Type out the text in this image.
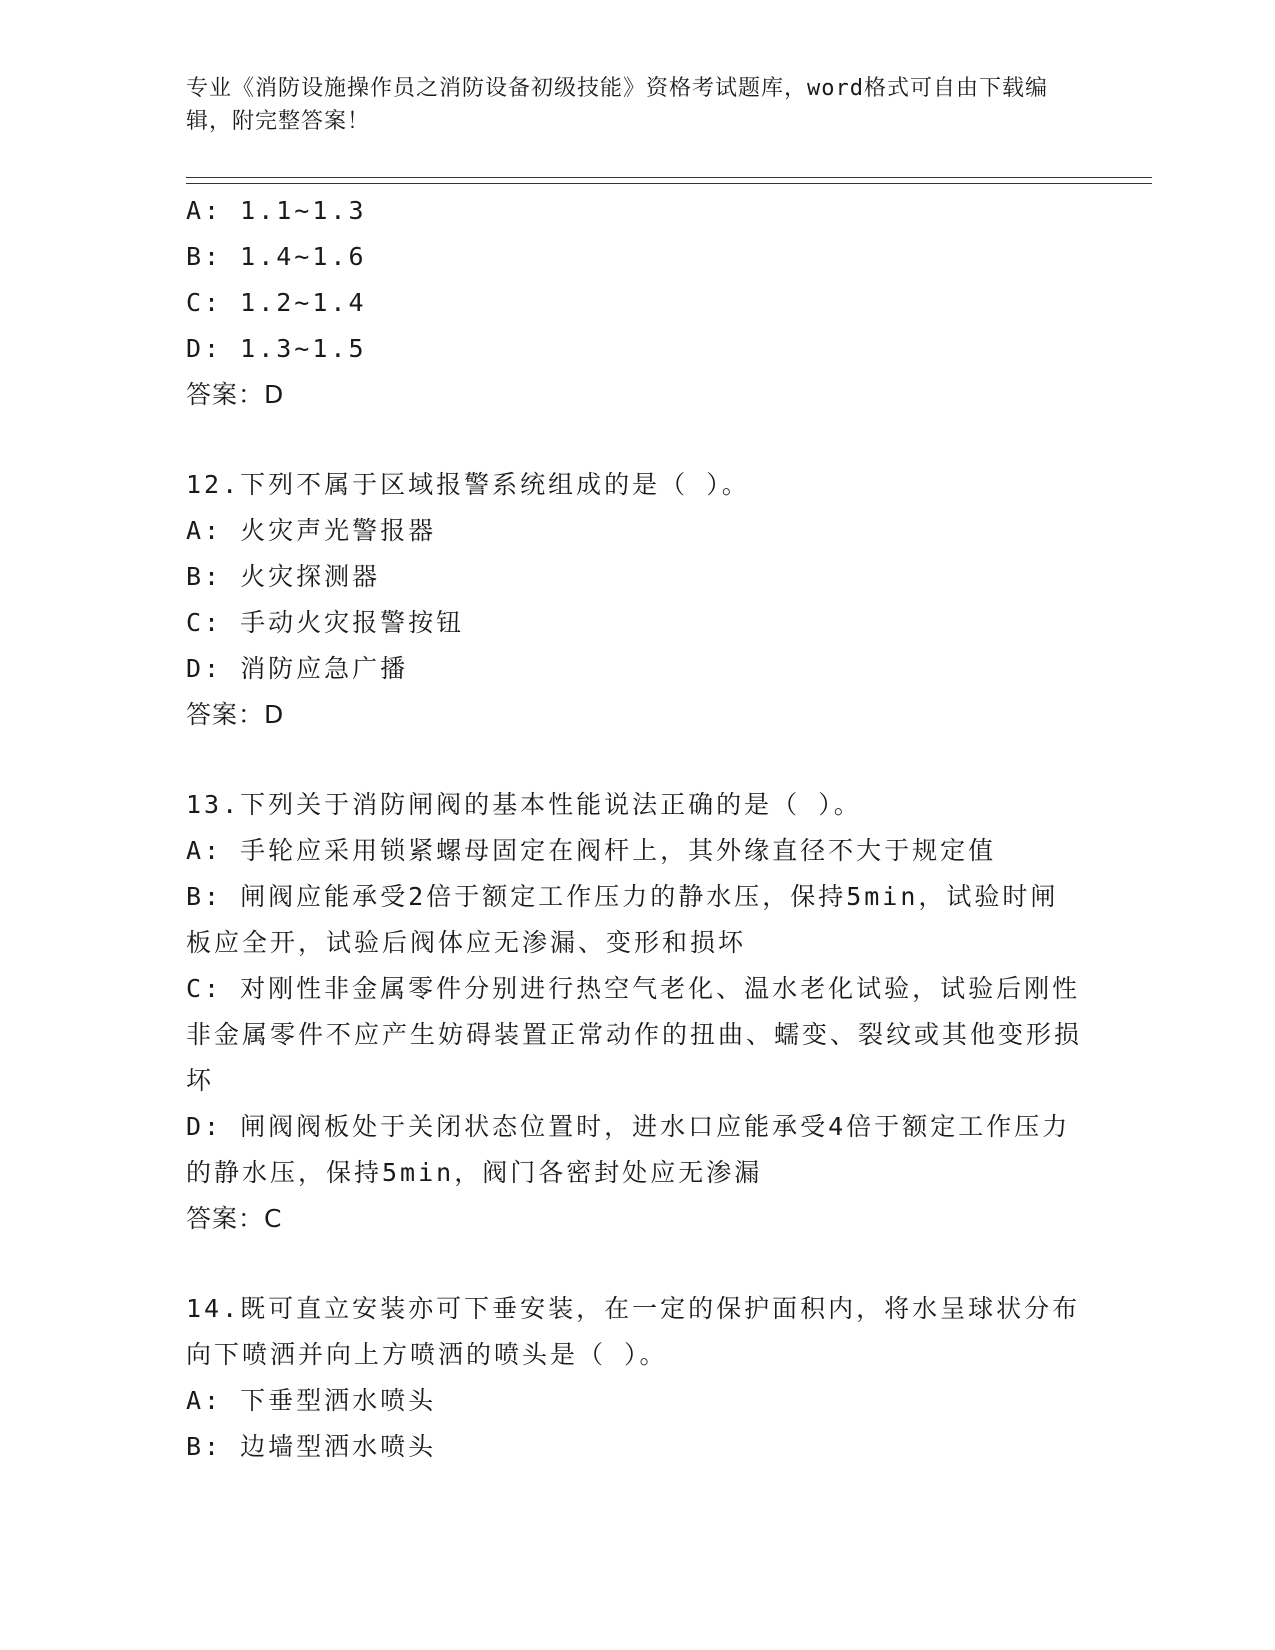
专业《消防设施操作员之消防设备初级技能》资格考试题库，word格式可自由下载编辑，附完整答案！
A: 1.1~1.3
B: 1.4~1.6
C: 1.2~1.4
D: 1.3~1.5
答案：D
12.下列不属于区域报警系统组成的是（ ）。
A: 火灾声光警报器
B: 火灾探测器
C: 手动火灾报警按钮
D: 消防应急广播
答案：D
13.下列关于消防闸阀的基本性能说法正确的是（ ）。
A: 手轮应采用锁紧螺母固定在阀杆上，其外缘直径不大于规定值
B: 闸阀应能承受2倍于额定工作压力的静水压，保持5min，试验时闸板应全开，试验后阀体应无渗漏、变形和损坏
C: 对刚性非金属零件分别进行热空气老化、温水老化试验，试验后刚性非金属零件不应产生妨碍装置正常动作的扭曲、蠕变、裂纹或其他变形损坏
D: 闸阀阀板处于关闭状态位置时，进水口应能承受4倍于额定工作压力的静水压，保持5min，阀门各密封处应无渗漏
答案：C
14.既可直立安装亦可下垂安装，在一定的保护面积内，将水呈球状分布向下喷洒并向上方喷洒的喷头是（ ）。
A: 下垂型洒水喷头
B: 边墙型洒水喷头
